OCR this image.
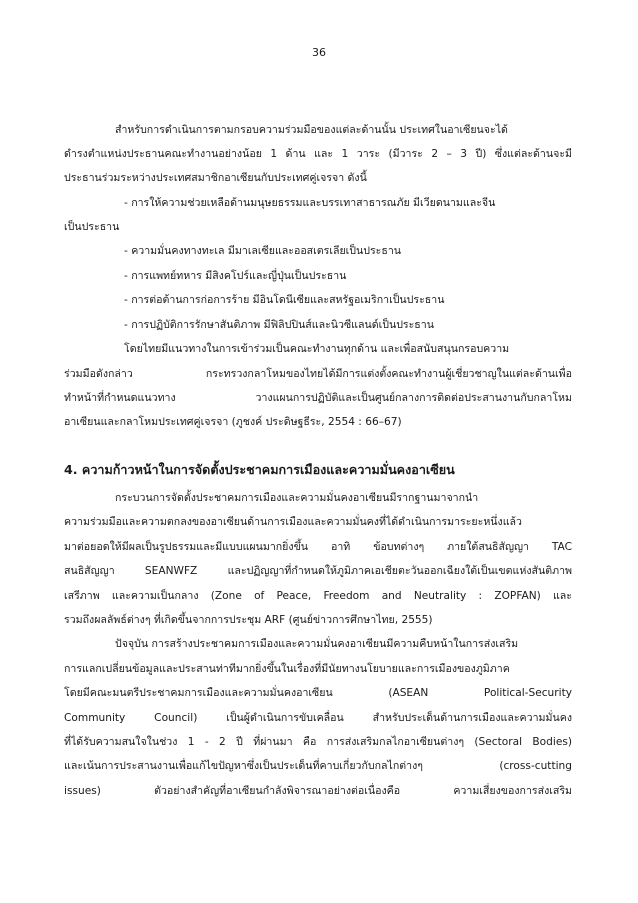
36
สำหรับการดำเนินการตามกรอบความร่วมมือของแต่ละด้านนั้น ประเทศในอาเซียนจะได้
ดำรงตำแหน่งประธานคณะทำงานอย่างน้อย 1 ด้าน และ 1 วาระ (มีวาระ 2 – 3 ปี) ซึ่งแต่ละด้านจะมี
ประธานร่วมระหว่างประเทศสมาชิกอาเซียนกับประเทศคู่เจรจา ดังนี้
- การให้ความช่วยเหลือด้านมนุษยธรรมและบรรเทาสาธารณภัย มีเวียดนามและจีน
เป็นประธาน
- ความมั่นคงทางทะเล มีมาเลเซียและออสเตรเลียเป็นประธาน
- การแพทย์ทหาร มีสิงคโปร์และญี่ปุ่นเป็นประธาน
- การต่อต้านการก่อการร้าย มีอินโดนีเซียและสหรัฐอเมริกาเป็นประธาน
- การปฏิบัติการรักษาสันติภาพ มีฟิลิปปินส์และนิวซีแลนด์เป็นประธาน
โดยไทยมีแนวทางในการเข้าร่วมเป็นคณะทำงานทุกด้าน และเพื่อสนับสนุนกรอบความ
ร่วมมือดังกล่าว กระทรวงกลาโหมของไทยได้มีการแต่งตั้งคณะทำงานผู้เชี่ยวชาญในแต่ละด้านเพื่อ
ทำหน้าที่กำหนดแนวทาง วางแผนการปฏิบัติและเป็นศูนย์กลางการติดต่อประสานงานกับกลาโหม
อาเซียนและกลาโหมประเทศคู่เจรจา (ภูชงค์ ประดิษฐธีระ, 2554 : 66–67)
4. ความก้าวหน้าในการจัดตั้งประชาคมการเมืองและความมั่นคงอาเซียน
กระบวนการจัดตั้งประชาคมการเมืองและความมั่นคงอาเซียนมีรากฐานมาจากนำ
ความร่วมมือและความตกลงของอาเซียนด้านการเมืองและความมั่นคงที่ได้ดำเนินการมาระยะหนึ่งแล้ว
มาต่อยอดให้มีผลเป็นรูปธรรมและมีแบบแผนมากยิ่งขึ้น อาทิ ข้อบทต่างๆ ภายใต้สนธิสัญญา TAC
สนธิสัญญา SEANWFZ และปฏิญญาที่กำหนดให้ภูมิภาคเอเชียตะวันออกเฉียงใต้เป็นเขตแห่งสันติภาพ
เสรีภาพ และความเป็นกลาง (Zone of Peace, Freedom and Neutrality : ZOPFAN) และ
รวมถึงผลลัพธ์ต่างๆ ที่เกิดขึ้นจากการประชุม ARF (ศูนย์ข่าวการศึกษาไทย, 2555)
ปัจจุบัน การสร้างประชาคมการเมืองและความมั่นคงอาเซียนมีความคืบหน้าในการส่งเสริม
การแลกเปลี่ยนข้อมูลและประสานท่าทีมากยิ่งขึ้นในเรื่องที่มีนัยทางนโยบายและการเมืองของภูมิภาค
โดยมีคณะมนตรีประชาคมการเมืองและความมั่นคงอาเซียน (ASEAN Political-Security
Community Council) เป็นผู้ดำเนินการขับเคลื่อน สำหรับประเด็นด้านการเมืองและความมั่นคง
ที่ได้รับความสนใจในช่วง 1 - 2 ปี ที่ผ่านมา คือ การส่งเสริมกลไกอาเซียนต่างๆ (Sectoral Bodies)
และเน้นการประสานงานเพื่อแก้ไขปัญหาซึ่งเป็นประเด็นที่คาบเกี่ยวกับกลไกต่างๆ (cross-cutting
issues) ตัวอย่างสำคัญที่อาเซียนกำลังพิจารณาอย่างต่อเนื่องคือ ความเสี่ยงของการส่งเสริม
